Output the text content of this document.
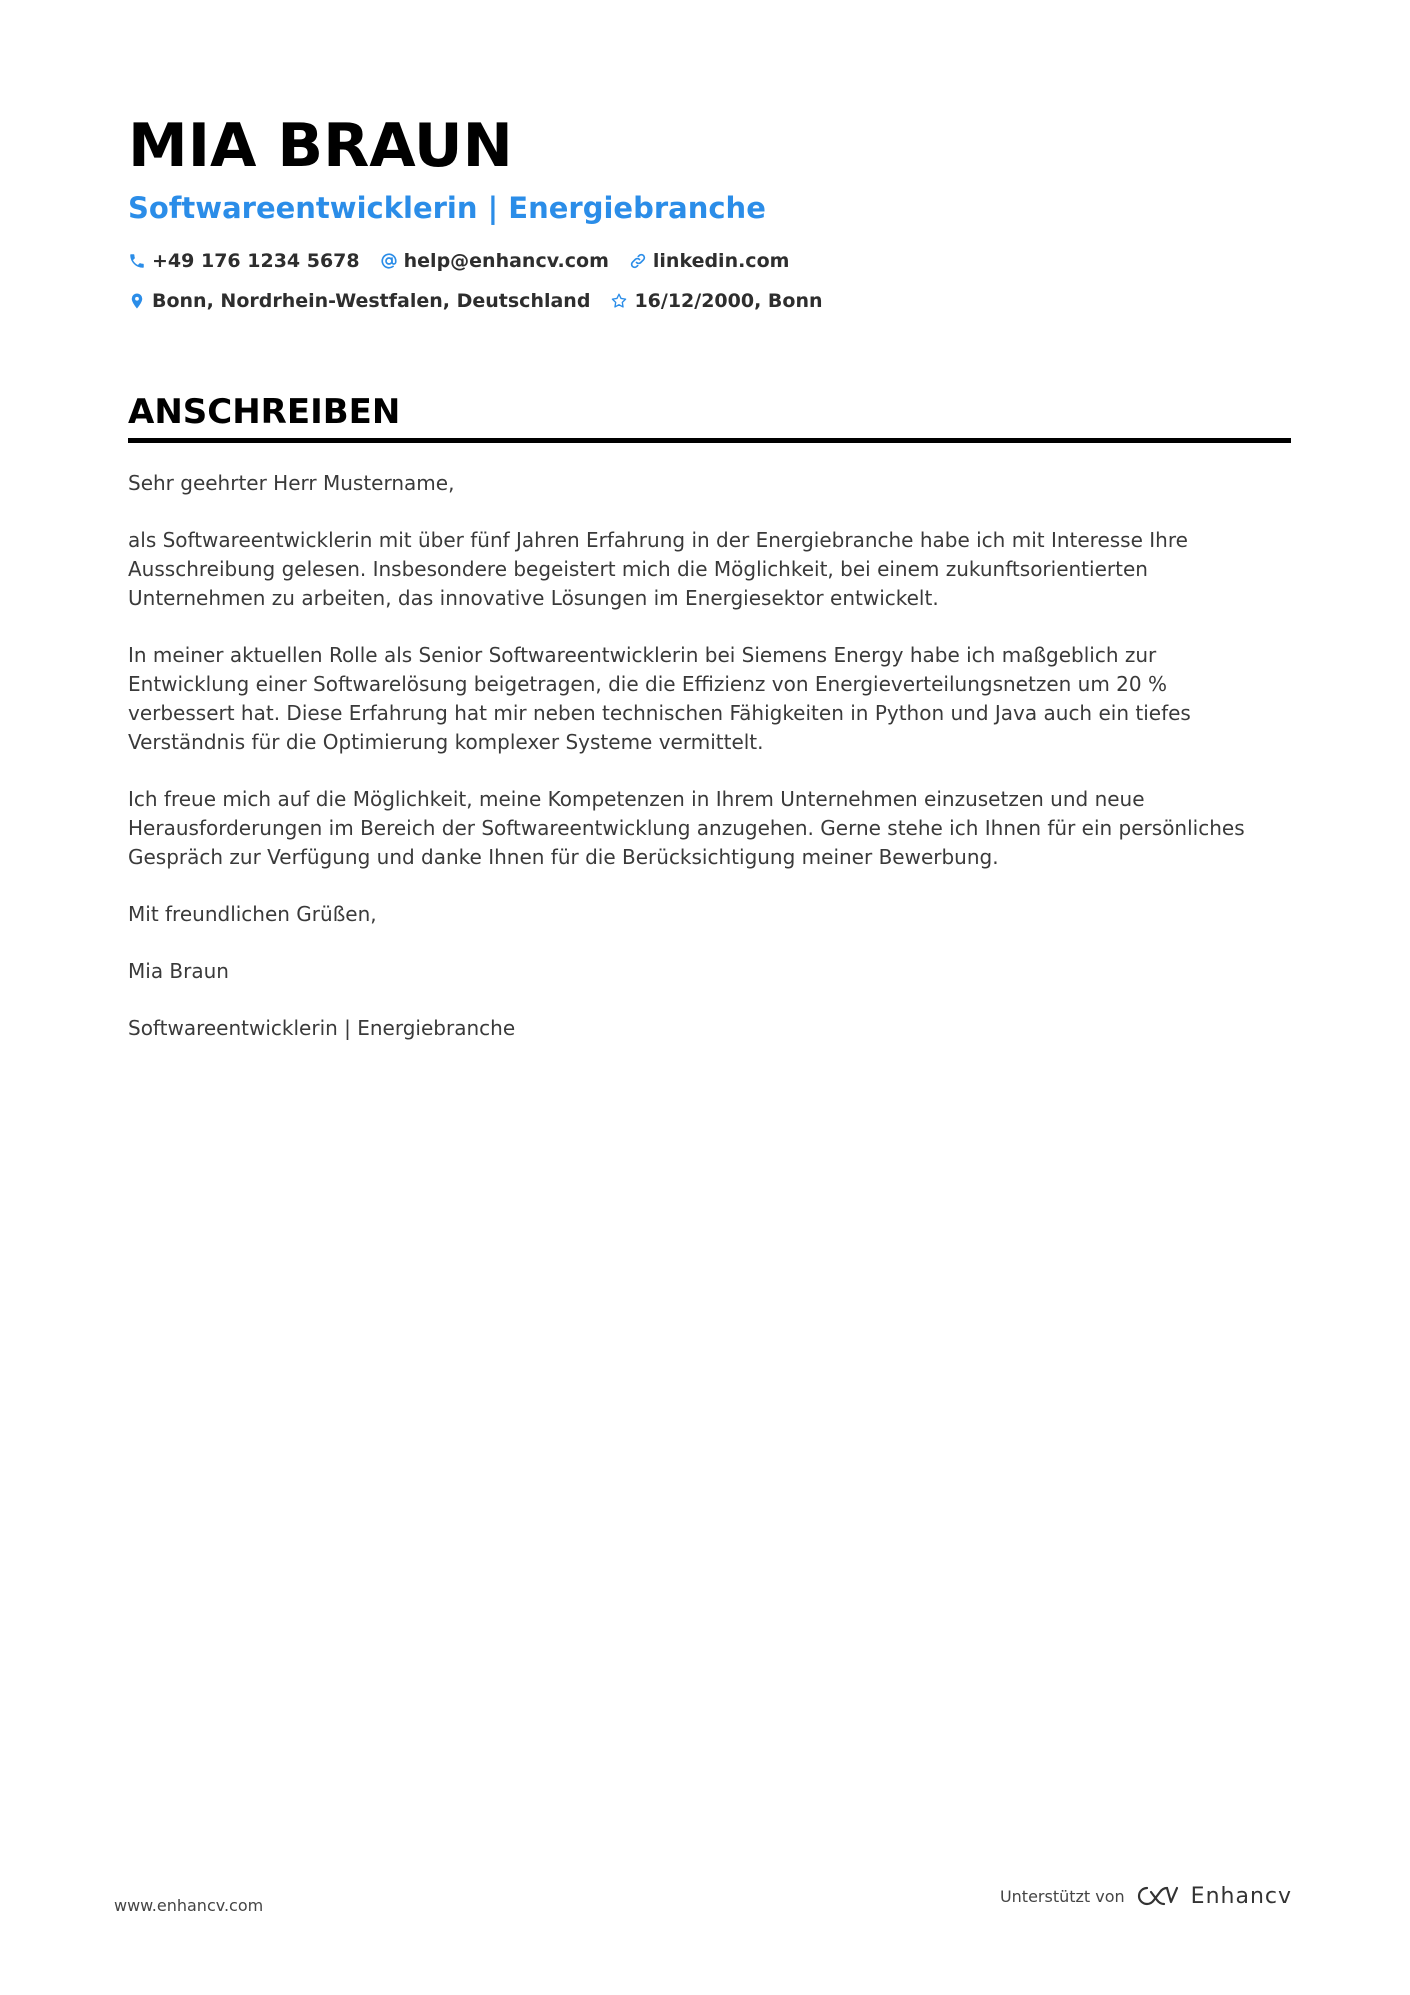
MIA BRAUN
Softwareentwicklerin | Energiebranche
+49 176 1234 5678 help@enhancv.com linkedin.com
Bonn, Nordrhein-Westfalen, Deutschland 16/12/2000, Bonn
ANSCHREIBEN

Sehr geehrter Herr Mustername,

als Softwareentwicklerin mit über fünf Jahren Erfahrung in der Energiebranche habe ich mit Interesse Ihre Ausschreibung gelesen. Insbesondere begeistert mich die Möglichkeit, bei einem zukunftsorientierten Unternehmen zu arbeiten, das innovative Lösungen im Energiesektor entwickelt.

In meiner aktuellen Rolle als Senior Softwareentwicklerin bei Siemens Energy habe ich maßgeblich zur Entwicklung einer Softwarelösung beigetragen, die die Effizienz von Energieverteilungsnetzen um 20 % verbessert hat. Diese Erfahrung hat mir neben technischen Fähigkeiten in Python und Java auch ein tiefes Verständnis für die Optimierung komplexer Systeme vermittelt.

Ich freue mich auf die Möglichkeit, meine Kompetenzen in Ihrem Unternehmen einzusetzen und neue Herausforderungen im Bereich der Softwareentwicklung anzugehen. Gerne stehe ich Ihnen für ein persönliches Gespräch zur Verfügung und danke Ihnen für die Berücksichtigung meiner Bewerbung.

Mit freundlichen Grüßen,

Mia Braun

Softwareentwicklerin | Energiebranche

www.enhancv.com	Unterstützt von	Enhancv
